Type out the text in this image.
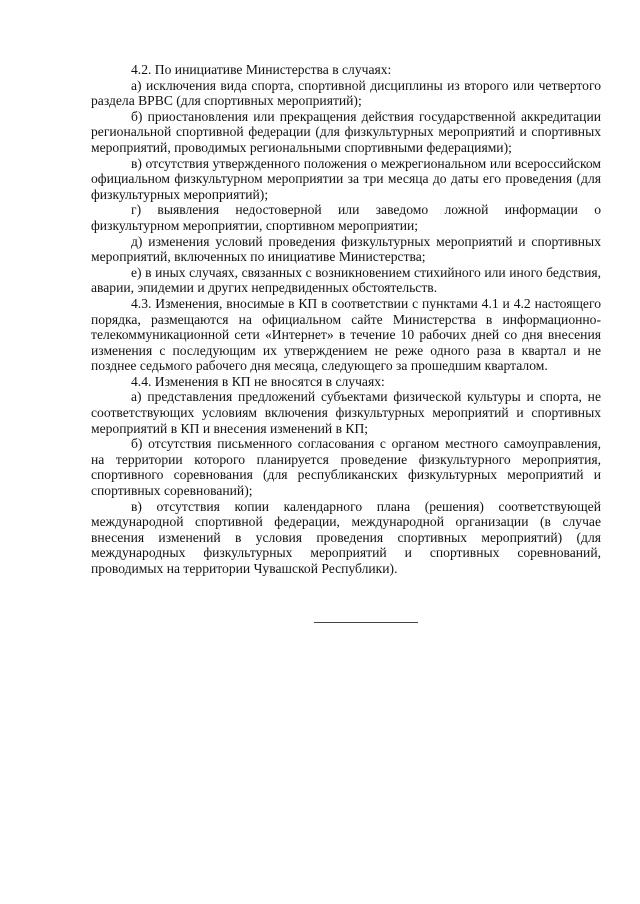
4.2. По инициативе Министерства в случаях:

а) исключения вида спорта, спортивной дисциплины из второго или четвертого раздела ВРВС (для спортивных мероприятий);

б) приостановления или прекращения действия государственной аккредитации региональной спортивной федерации (для физкультурных мероприятий и спортивных мероприятий, проводимых региональными спортивными федерациями);

в) отсутствия утвержденного положения о межрегиональном или всероссийском официальном физкультурном мероприятии за три месяца до даты его проведения (для физкультурных мероприятий);

г) выявления недостоверной или заведомо ложной информации о физкультурном мероприятии, спортивном мероприятии;

д) изменения условий проведения физкультурных мероприятий и спортивных мероприятий, включенных по инициативе Министерства;

е) в иных случаях, связанных с возникновением стихийного или иного бедствия, аварии, эпидемии и других непредвиденных обстоятельств.

4.3. Изменения, вносимые в КП в соответствии с пунктами 4.1 и 4.2 настоящего порядка, размещаются на официальном сайте Министерства в информационно-телекоммуникационной сети «Интернет» в течение 10 рабочих дней со дня внесения изменения с последующим их утверждением не реже одного раза в квартал и не позднее седьмого рабочего дня месяца, следующего за прошедшим кварталом.

4.4. Изменения в КП не вносятся в случаях:

а) представления предложений субъектами физической культуры и спорта, не соответствующих условиям включения физкультурных мероприятий и спортивных мероприятий в КП и внесения изменений в КП;

б) отсутствия письменного согласования с органом местного самоуправления, на территории которого планируется проведение физкультурного мероприятия, спортивного соревнования (для республиканских физкультурных мероприятий и спортивных соревнований);

в) отсутствия копии календарного плана (решения) соответствующей международной спортивной федерации, международной организации (в случае внесения изменений в условия проведения спортивных мероприятий) (для международных физкультурных мероприятий и спортивных соревнований, проводимых на территории Чувашской Республики).
